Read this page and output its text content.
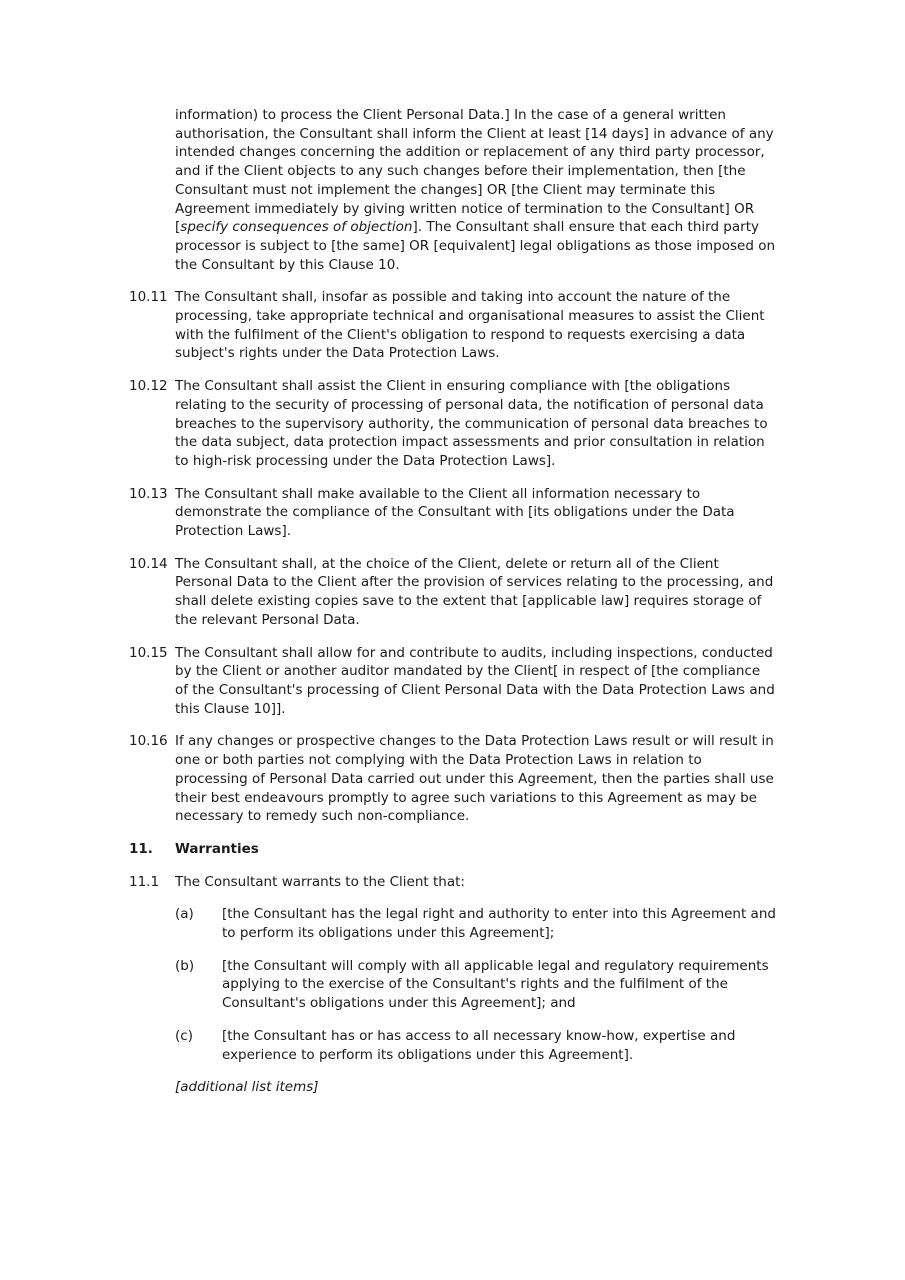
information) to process the Client Personal Data.] In the case of a general written authorisation, the Consultant shall inform the Client at least [14 days] in advance of any intended changes concerning the addition or replacement of any third party processor, and if the Client objects to any such changes before their implementation, then [the Consultant must not implement the changes] OR [the Client may terminate this Agreement immediately by giving written notice of termination to the Consultant] OR [specify consequences of objection]. The Consultant shall ensure that each third party processor is subject to [the same] OR [equivalent] legal obligations as those imposed on the Consultant by this Clause 10.

10.11 The Consultant shall, insofar as possible and taking into account the nature of the processing, take appropriate technical and organisational measures to assist the Client with the fulfilment of the Client's obligation to respond to requests exercising a data subject's rights under the Data Protection Laws.
10.12 The Consultant shall assist the Client in ensuring compliance with [the obligations relating to the security of processing of personal data, the notification of personal data breaches to the supervisory authority, the communication of personal data breaches to the data subject, data protection impact assessments and prior consultation in relation to high-risk processing under the Data Protection Laws].
10.13 The Consultant shall make available to the Client all information necessary to demonstrate the compliance of the Consultant with [its obligations under the Data Protection Laws].
10.14 The Consultant shall, at the choice of the Client, delete or return all of the Client Personal Data to the Client after the provision of services relating to the processing, and shall delete existing copies save to the extent that [applicable law] requires storage of the relevant Personal Data.
10.15 The Consultant shall allow for and contribute to audits, including inspections, conducted by the Client or another auditor mandated by the Client[ in respect of [the compliance of the Consultant's processing of Client Personal Data with the Data Protection Laws and this Clause 10]].
10.16 If any changes or prospective changes to the Data Protection Laws result or will result in one or both parties not complying with the Data Protection Laws in relation to processing of Personal Data carried out under this Agreement, then the parties shall use their best endeavours promptly to agree such variations to this Agreement as may be necessary to remedy such non-compliance.
11.	Warranties
11.1	The Consultant warrants to the Client that:
(a)	[the Consultant has the legal right and authority to enter into this Agreement and to perform its obligations under this Agreement];
(b)	[the Consultant will comply with all applicable legal and regulatory requirements applying to the exercise of the Consultant's rights and the fulfilment of the Consultant's obligations under this Agreement]; and
(c)	[the Consultant has or has access to all necessary know-how, expertise and experience to perform its obligations under this Agreement].

[additional list items]
